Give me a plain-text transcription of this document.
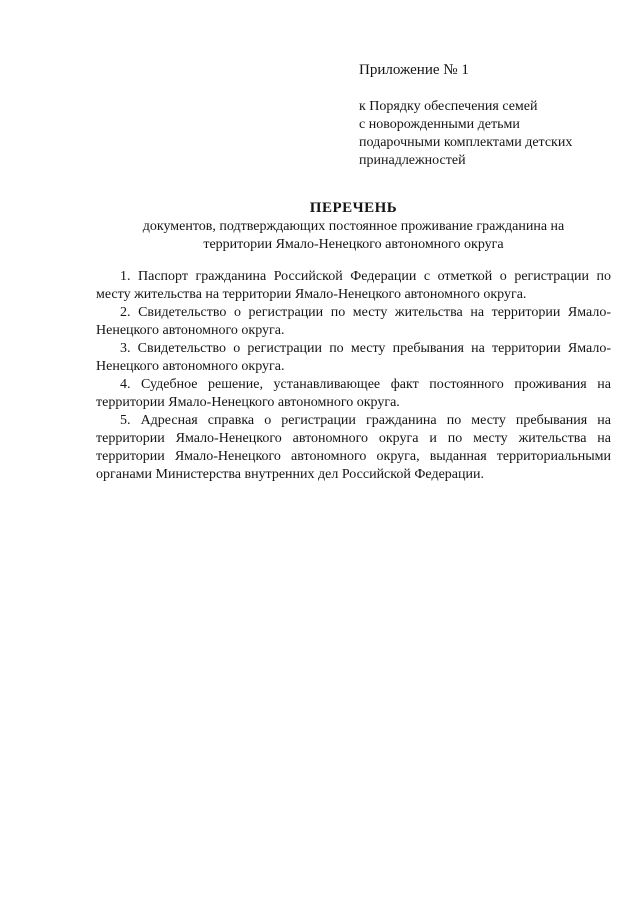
Приложение № 1

к Порядку обеспечения семей
с новорожденными детьми
подарочными комплектами детских
принадлежностей
ПЕРЕЧЕНЬ
документов, подтверждающих постоянное проживание гражданина на
территории Ямало-Ненецкого автономного округа

1. Паспорт гражданина Российской Федерации с отметкой о регистрации по месту жительства на территории Ямало-Ненецкого автономного округа.

2. Свидетельство о регистрации по месту жительства на территории Ямало-Ненецкого автономного округа.

3. Свидетельство о регистрации по месту пребывания на территории Ямало-Ненецкого автономного округа.

4. Судебное решение, устанавливающее факт постоянного проживания на территории Ямало-Ненецкого автономного округа.

5. Адресная справка о регистрации гражданина по месту пребывания на территории Ямало-Ненецкого автономного округа и по месту жительства на территории Ямало-Ненецкого автономного округа, выданная территориальными органами Министерства внутренних дел Российской Федерации.
